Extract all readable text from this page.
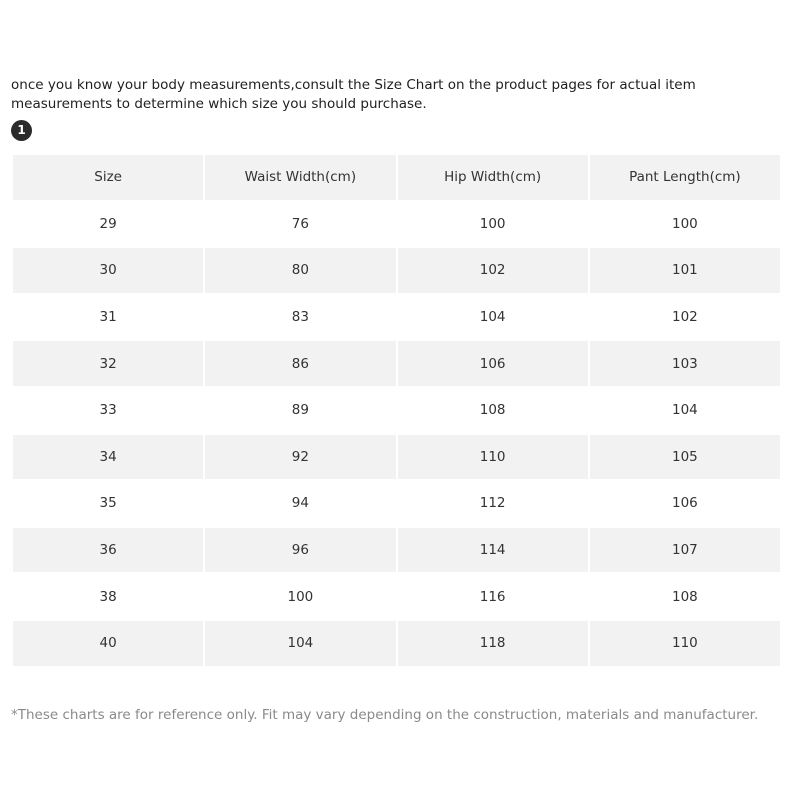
once you know your body measurements,consult the Size Chart on the product pages for actual item measurements to determine which size you should purchase.

1
Size	Waist Width(cm)	Hip Width(cm)	Pant Length(cm)
29	76	100	100
30	80	102	101
31	83	104	102
32	86	106	103
33	89	108	104
34	92	110	105
35	94	112	106
36	96	114	107
38	100	116	108
40	104	118	110

*These charts are for reference only. Fit may vary depending on the construction, materials and manufacturer.
